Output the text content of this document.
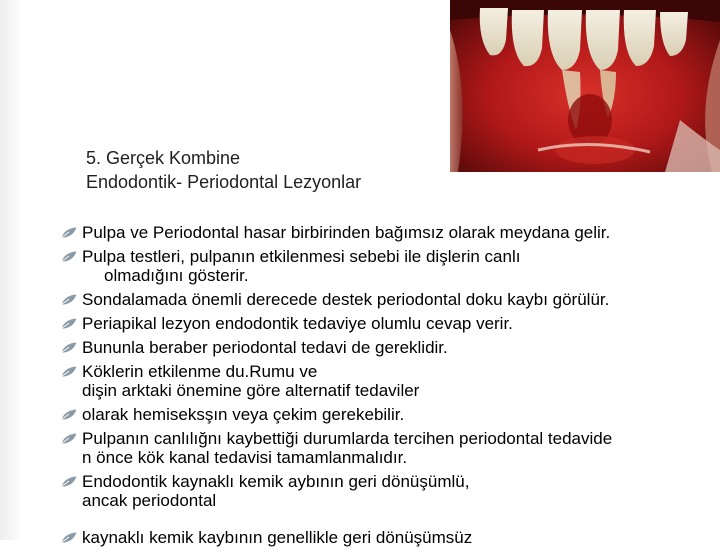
5. Gerçek Kombine
Endodontik- Periodontal Lezyonlar
Pulpa ve Periodontal hasar birbirinden bağımsız olarak meydana gelir.
Pulpa testleri, pulpanın etkilenmesi sebebi ile dişlerin canlı
olmadığını gösterir.
Sondalamada önemli derecede destek periodontal doku kaybı görülür.
Periapikal lezyon endodontik tedaviye olumlu cevap verir.
Bununla beraber periodontal tedavi de gereklidir.
Köklerin etkilenme du.Rumu ve
dişin arktaki önemine göre alternatif tedaviler
olarak hemiseksşın veya çekim gerekebilir.
Pulpanın canlılığnı kaybettiği durumlarda tercihen periodontal tedavide
n önce kök kanal tedavisi tamamlanmalıdır.
Endodontik kaynaklı kemik aybının geri dönüşümlü,
ancak periodontal
kaynaklı kemik kaybının genellikle geri dönüşümsüz
